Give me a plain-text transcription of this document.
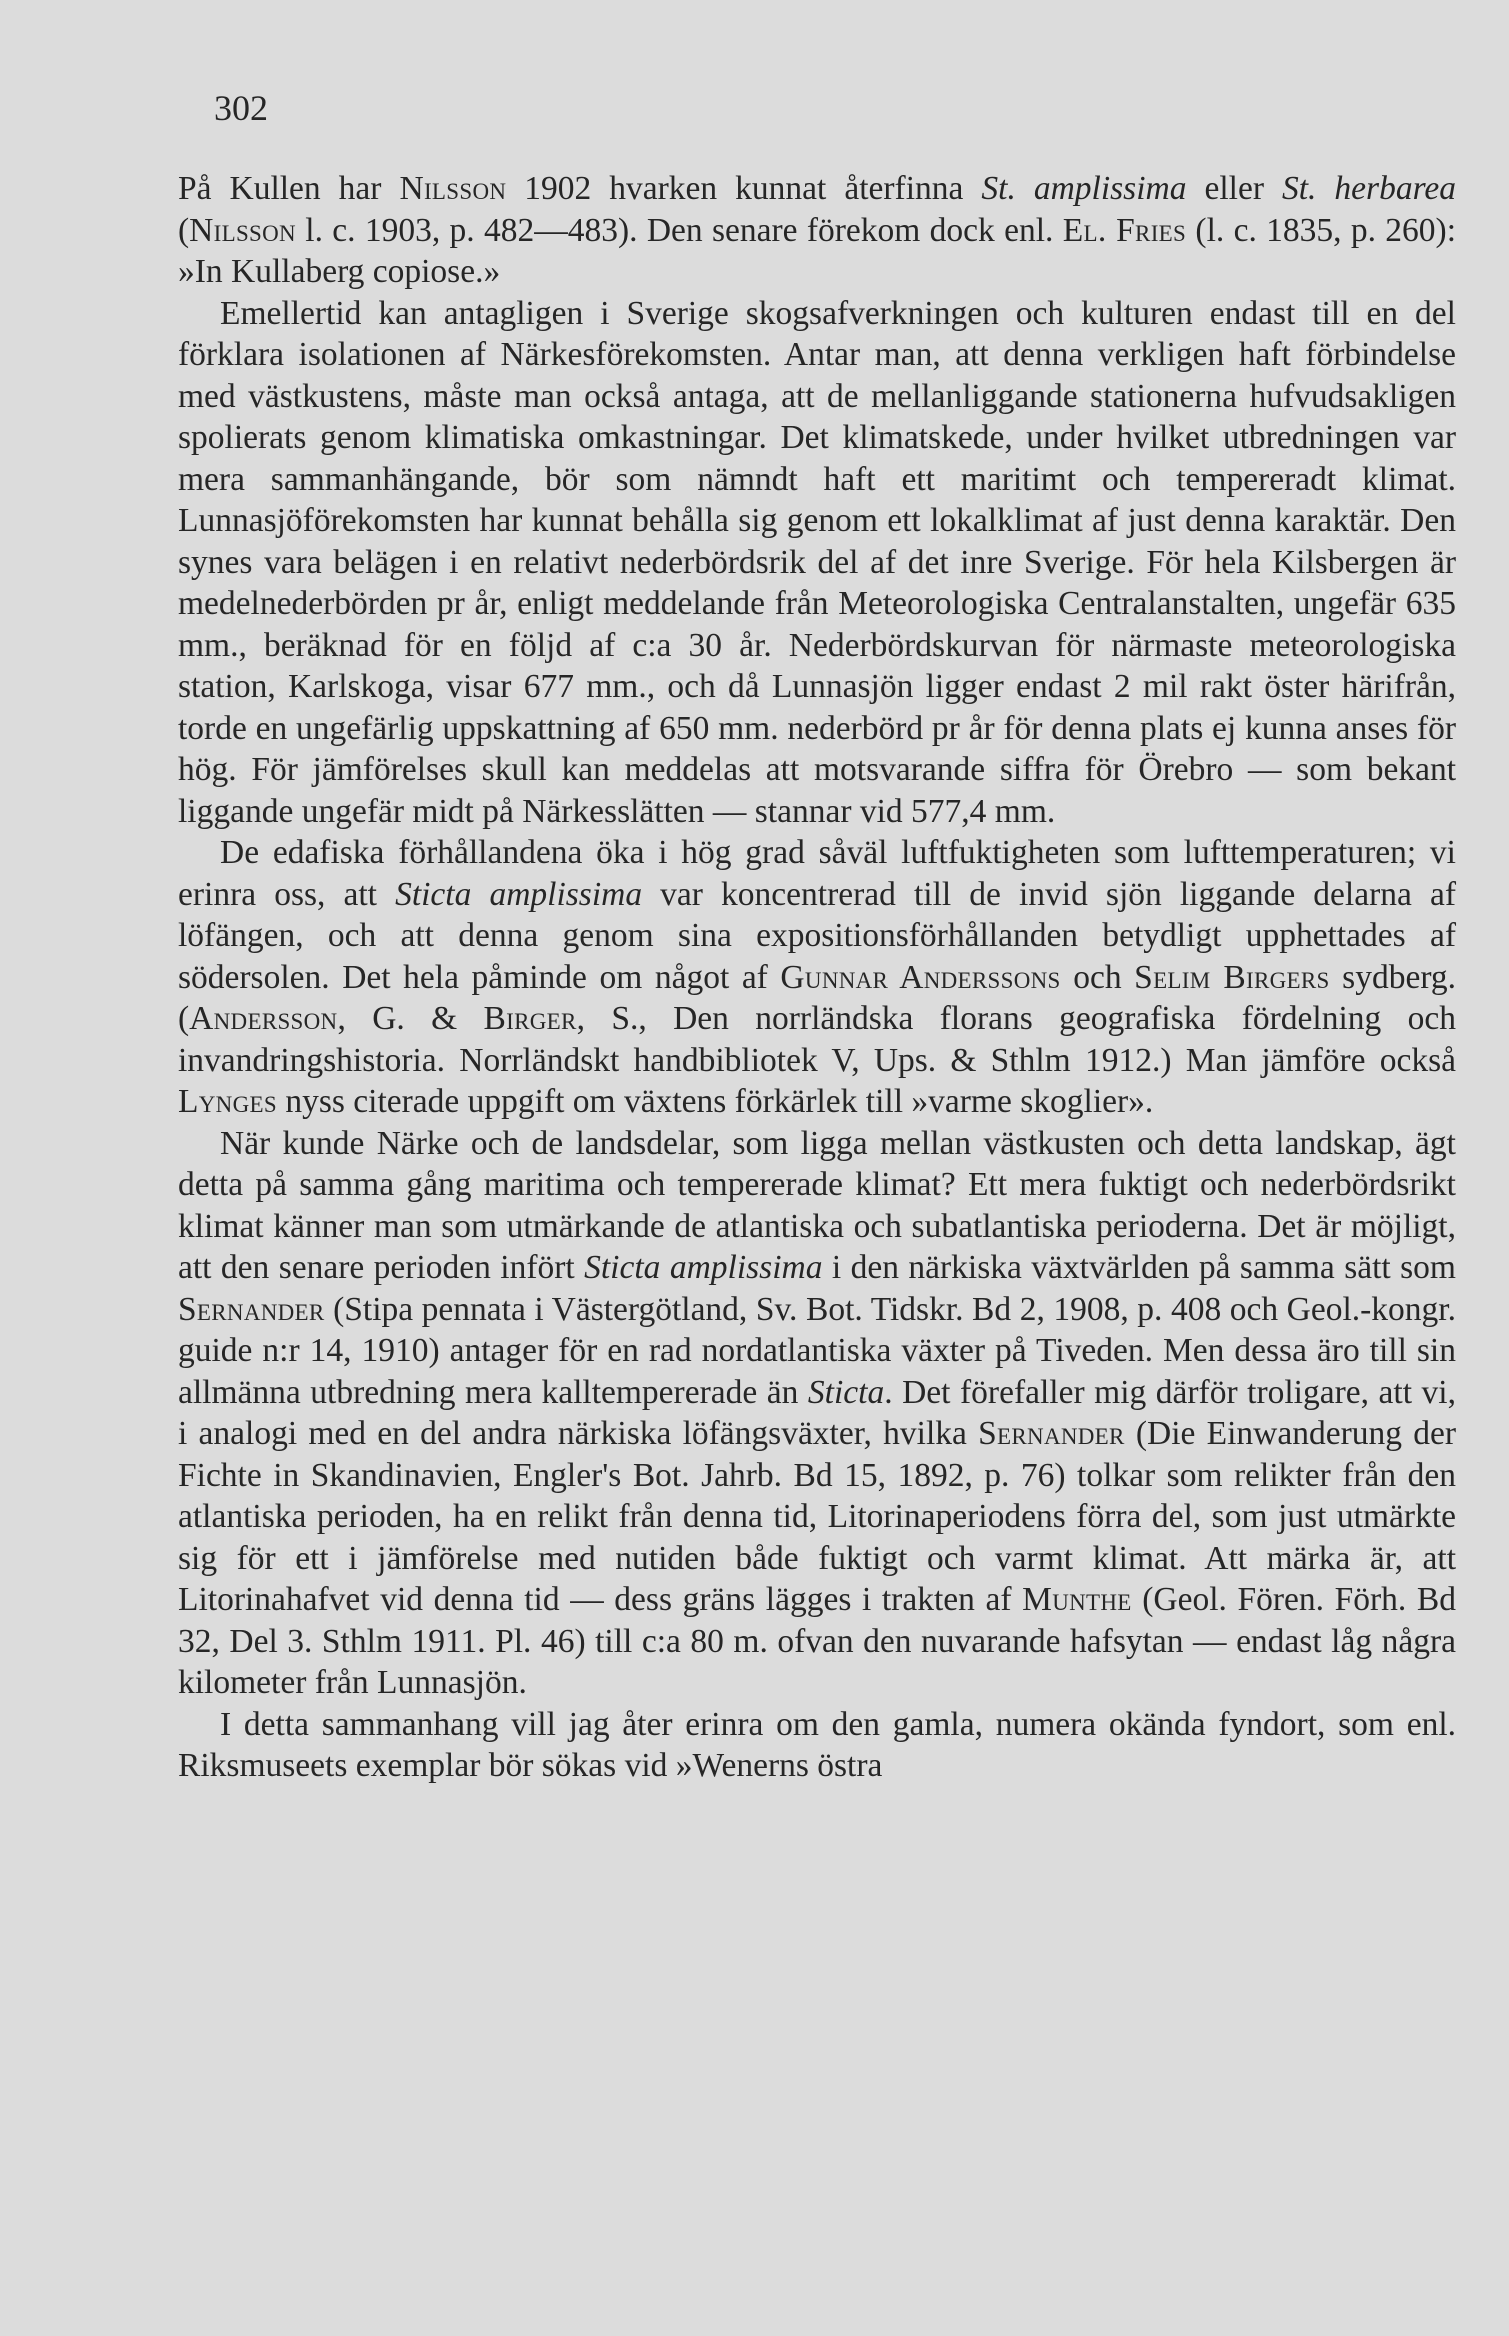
302

På Kullen har Nilsson 1902 hvarken kunnat återfinna St. amplissima eller St. herbarea (Nilsson l. c. 1903, p. 482—483). Den senare förekom dock enl. El. Fries (l. c. 1835, p. 260): »In Kullaberg copiose.»

Emellertid kan antagligen i Sverige skogsafverkningen och kulturen endast till en del förklara isolationen af Närkesförekomsten. Antar man, att denna verkligen haft förbindelse med västkustens, måste man också antaga, att de mellanliggande stationerna hufvudsakligen spolierats genom klimatiska omkastningar. Det klimatskede, under hvilket utbredningen var mera sammanhängande, bör som nämndt haft ett maritimt och tempereradt klimat. Lunnasjöförekomsten har kunnat behålla sig genom ett lokalklimat af just denna karaktär. Den synes vara belägen i en relativt nederbördsrik del af det inre Sverige. För hela Kilsbergen är medelnederbörden pr år, enligt meddelande från Meteorologiska Centralanstalten, ungefär 635 mm., beräknad för en följd af c:a 30 år. Nederbördskurvan för närmaste meteorologiska station, Karlskoga, visar 677 mm., och då Lunnasjön ligger endast 2 mil rakt öster härifrån, torde en ungefärlig uppskattning af 650 mm. nederbörd pr år för denna plats ej kunna anses för hög. För jämförelses skull kan meddelas att motsvarande siffra för Örebro — som bekant liggande ungefär midt på Närkesslätten — stannar vid 577,4 mm.

De edafiska förhållandena öka i hög grad såväl luftfuktigheten som lufttemperaturen; vi erinra oss, att Sticta amplissima var koncentrerad till de invid sjön liggande delarna af löfängen, och att denna genom sina expositionsförhållanden betydligt upphettades af södersolen. Det hela påminde om något af Gunnar Anderssons och Selim Birgers sydberg. (Andersson, G. & Birger, S., Den norrländska florans geografiska fördelning och invandringshistoria. Norrländskt handbibliotek V, Ups. & Sthlm 1912.) Man jämföre också Lynges nyss citerade uppgift om växtens förkärlek till »varme skoglier».

När kunde Närke och de landsdelar, som ligga mellan västkusten och detta landskap, ägt detta på samma gång maritima och tempererade klimat? Ett mera fuktigt och nederbördsrikt klimat känner man som utmärkande de atlantiska och subatlantiska perioderna. Det är möjligt, att den senare perioden infört Sticta amplissima i den närkiska växtvärlden på samma sätt som Sernander (Stipa pennata i Västergötland, Sv. Bot. Tidskr. Bd 2, 1908, p. 408 och Geol.-kongr. guide n:r 14, 1910) antager för en rad nordatlantiska växter på Tiveden. Men dessa äro till sin allmänna utbredning mera kalltempererade än Sticta. Det förefaller mig därför troligare, att vi, i analogi med en del andra närkiska löfängsväxter, hvilka Sernander (Die Einwanderung der Fichte in Skandinavien, Engler's Bot. Jahrb. Bd 15, 1892, p. 76) tolkar som relikter från den atlantiska perioden, ha en relikt från denna tid, Litorinaperiodens förra del, som just utmärkte sig för ett i jämförelse med nutiden både fuktigt och varmt klimat. Att märka är, att Litorinahafvet vid denna tid — dess gräns lägges i trakten af Munthe (Geol. Fören. Förh. Bd 32, Del 3. Sthlm 1911. Pl. 46) till c:a 80 m. ofvan den nuvarande hafsytan — endast låg några kilometer från Lunnasjön.

I detta sammanhang vill jag åter erinra om den gamla, numera okända fyndort, som enl. Riksmuseets exemplar bör sökas vid »Wenerns östra
